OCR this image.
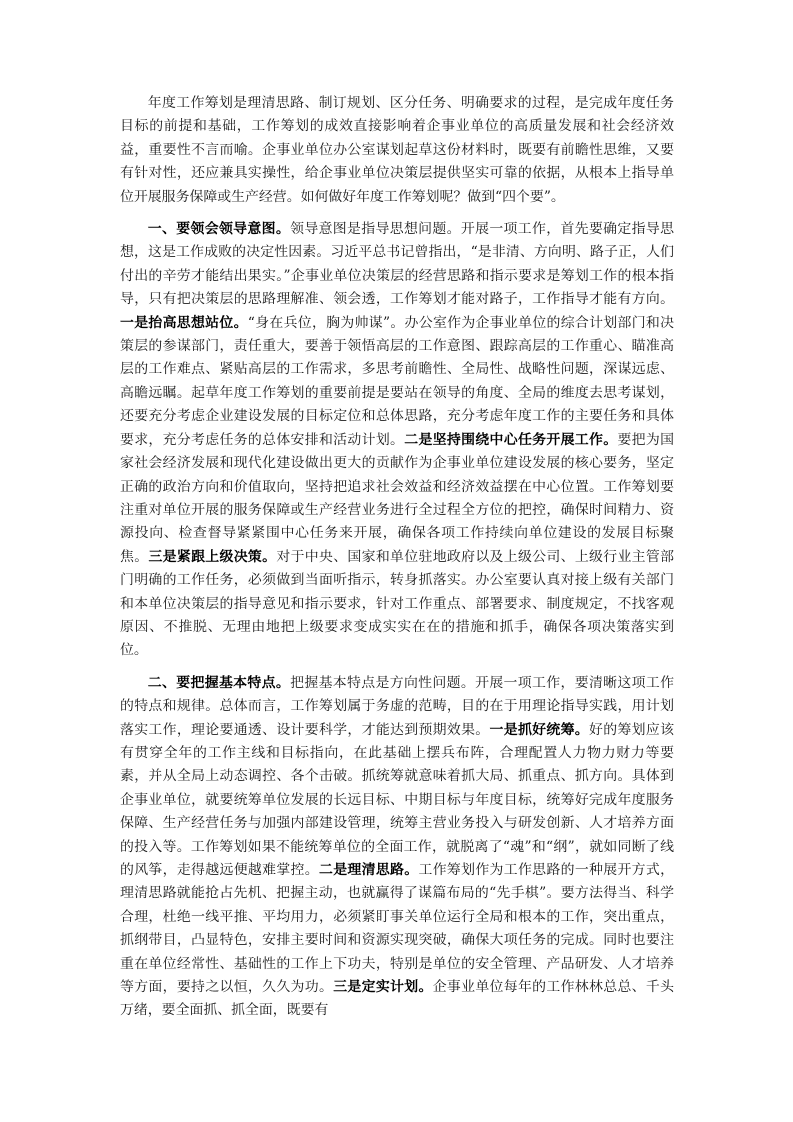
年度工作筹划是理清思路、制订规划、区分任务、明确要求的过程，是完成年度任务目标的前提和基础，工作筹划的成效直接影响着企事业单位的高质量发展和社会经济效益，重要性不言而喻。企事业单位办公室谋划起草这份材料时，既要有前瞻性思维，又要有针对性，还应兼具实操性，给企事业单位决策层提供坚实可靠的依据，从根本上指导单位开展服务保障或生产经营。如何做好年度工作筹划呢？做到“四个要”。

一、要领会领导意图。领导意图是指导思想问题。开展一项工作，首先要确定指导思想，这是工作成败的决定性因素。习近平总书记曾指出，“是非清、方向明、路子正，人们付出的辛劳才能结出果实。”企事业单位决策层的经营思路和指示要求是筹划工作的根本指导，只有把决策层的思路理解准、领会透，工作筹划才能对路子，工作指导才能有方向。一是抬高思想站位。“身在兵位，胸为帅谋”。办公室作为企事业单位的综合计划部门和决策层的参谋部门，责任重大，要善于领悟高层的工作意图、跟踪高层的工作重心、瞄准高层的工作难点、紧贴高层的工作需求，多思考前瞻性、全局性、战略性问题，深谋远虑、高瞻远瞩。起草年度工作筹划的重要前提是要站在领导的角度、全局的维度去思考谋划，还要充分考虑企业建设发展的目标定位和总体思路，充分考虑年度工作的主要任务和具体要求，充分考虑任务的总体安排和活动计划。二是坚持围绕中心任务开展工作。要把为国家社会经济发展和现代化建设做出更大的贡献作为企事业单位建设发展的核心要务，坚定正确的政治方向和价值取向，坚持把追求社会效益和经济效益摆在中心位置。工作筹划要注重对单位开展的服务保障或生产经营业务进行全过程全方位的把控，确保时间精力、资源投向、检查督导紧紧围中心任务来开展，确保各项工作持续向单位建设的发展目标聚焦。三是紧跟上级决策。对于中央、国家和单位驻地政府以及上级公司、上级行业主管部门明确的工作任务，必须做到当面听指示，转身抓落实。办公室要认真对接上级有关部门和本单位决策层的指导意见和指示要求，针对工作重点、部署要求、制度规定，不找客观原因、不推脱、无理由地把上级要求变成实实在在的措施和抓手，确保各项决策落实到位。

二、要把握基本特点。把握基本特点是方向性问题。开展一项工作，要清晰这项工作的特点和规律。总体而言，工作筹划属于务虚的范畴，目的在于用理论指导实践，用计划落实工作，理论要通透、设计要科学，才能达到预期效果。一是抓好统筹。好的筹划应该有贯穿全年的工作主线和目标指向，在此基础上摆兵布阵，合理配置人力物力财力等要素，并从全局上动态调控、各个击破。抓统筹就意味着抓大局、抓重点、抓方向。具体到企事业单位，就要统筹单位发展的长远目标、中期目标与年度目标，统筹好完成年度服务保障、生产经营任务与加强内部建设管理，统筹主营业务投入与研发创新、人才培养方面的投入等。工作筹划如果不能统筹单位的全面工作，就脱离了“魂”和“纲”，就如同断了线的风筝，走得越远便越难掌控。二是理清思路。工作筹划作为工作思路的一种展开方式，理清思路就能抢占先机、把握主动，也就赢得了谋篇布局的“先手棋”。要方法得当、科学合理，杜绝一线平推、平均用力，必须紧盯事关单位运行全局和根本的工作，突出重点，抓纲带目，凸显特色，安排主要时间和资源实现突破，确保大项任务的完成。同时也要注重在单位经常性、基础性的工作上下功夫，特别是单位的安全管理、产品研发、人才培养等方面，要持之以恒，久久为功。三是定实计划。企事业单位每年的工作林林总总、千头万绪，要全面抓、抓全面，既要有
